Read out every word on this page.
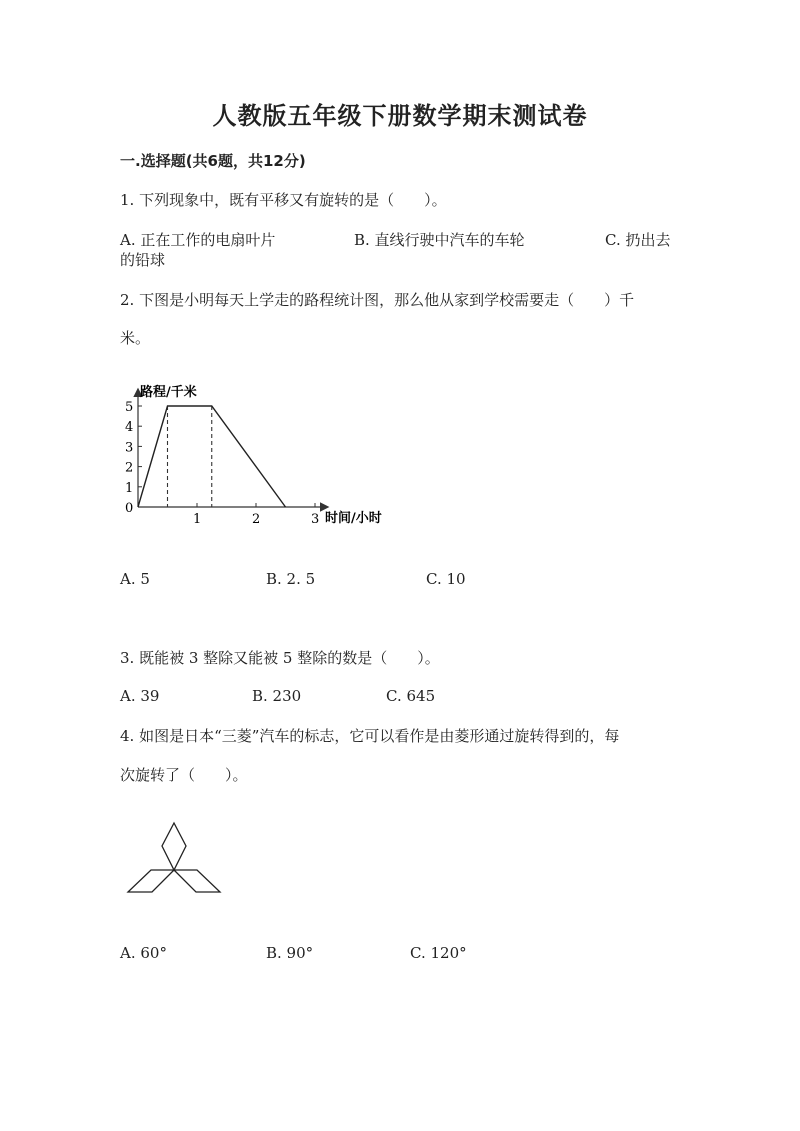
人教版五年级下册数学期末测试卷
一.选择题(共6题，共12分)
1. 下列现象中，既有平移又有旋转的是（　　）。
A. 正在工作的电扇叶片	B. 直线行驶中汽车的车轮	C. 扔出去
的铅球
2. 下图是小明每天上学走的路程统计图，那么他从家到学校需要走（　　）千
米。
路程/千米
时间/小时
0
1
2
3
4
5
1	2	3
A. 5	B. 2. 5	C. 10
3. 既能被 3 整除又能被 5 整除的数是（　　）。
A. 39	B. 230	C. 645
4. 如图是日本“三菱”汽车的标志，它可以看作是由菱形通过旋转得到的，每
次旋转了（　　）。
A. 60°	B. 90°	C. 120°
